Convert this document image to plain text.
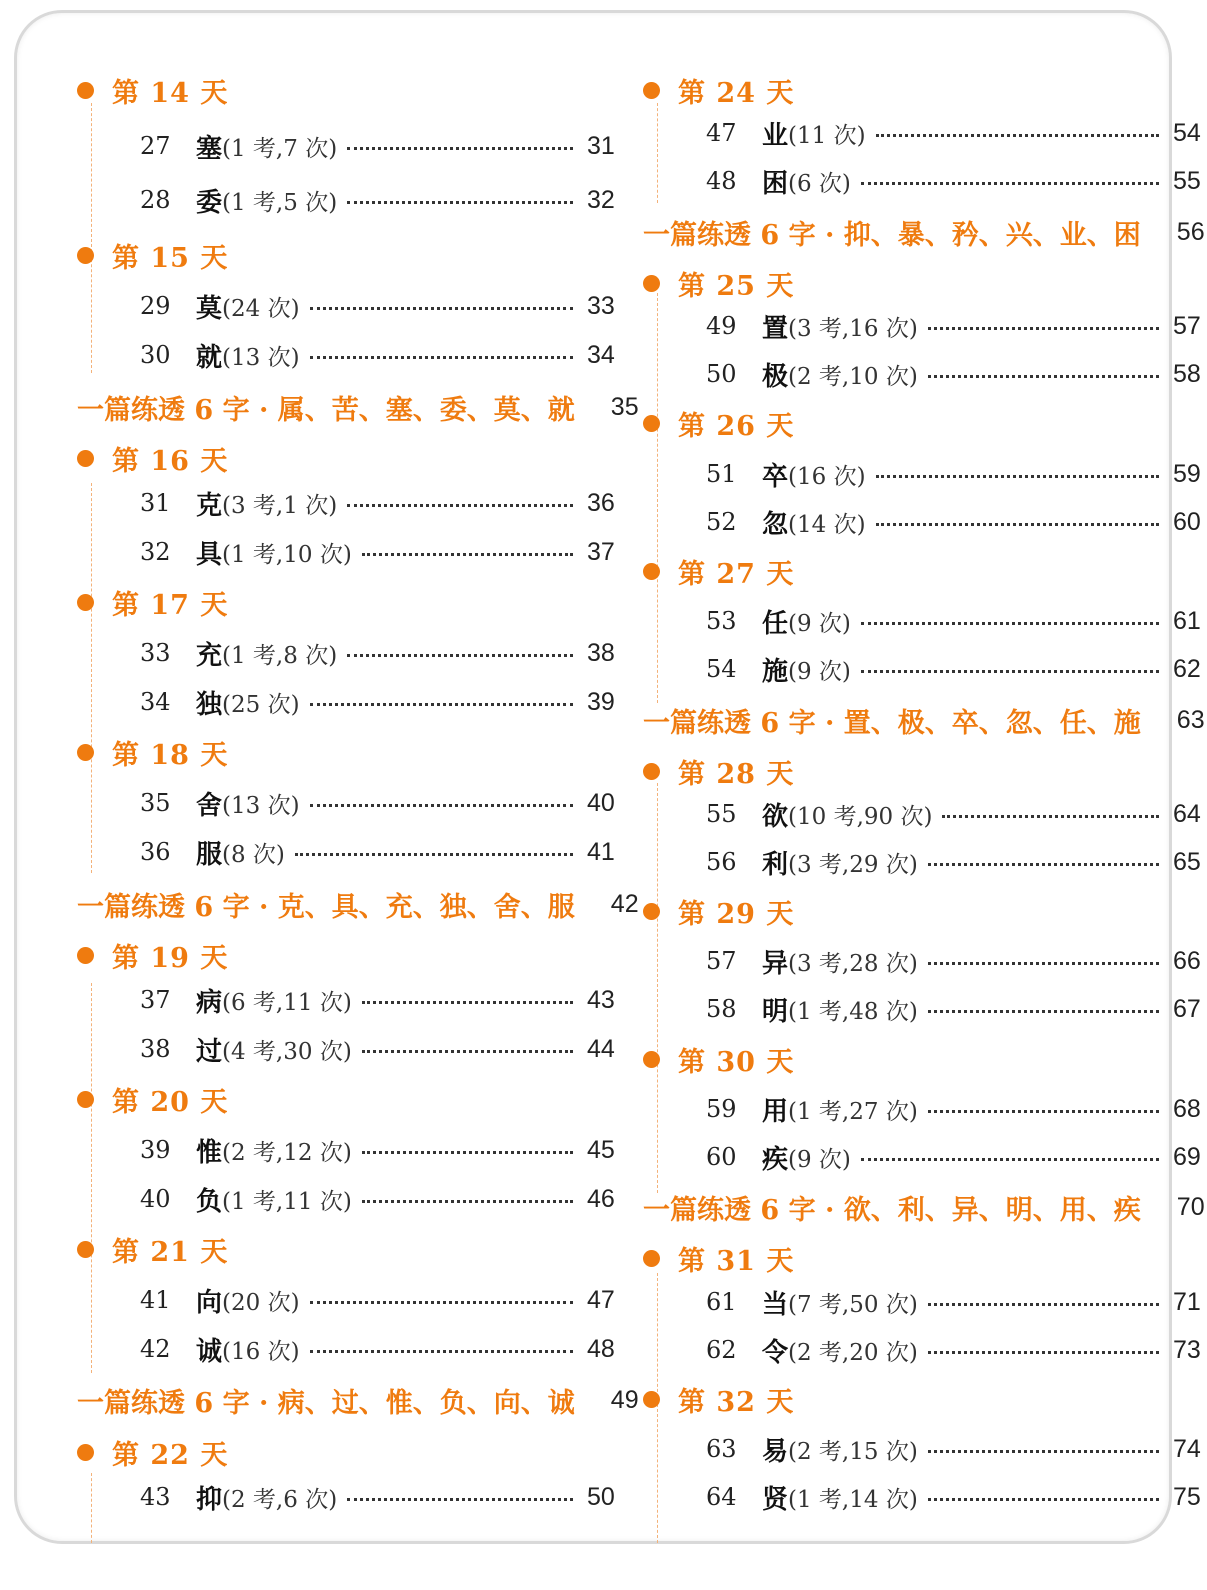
第 14 天
27 塞 (1 考,7 次)	31
28 委 (1 考,5 次)	32
第 15 天
29 莫 (24 次)	33
30 就 (13 次)	34
一篇练透 6 字 · 属、苦、塞、委、莫、就 35
第 16 天
31 克 (3 考,1 次)	36
32 具 (1 考,10 次)	37
第 17 天
33 充 (1 考,8 次)	38
34 独 (25 次)	39
第 18 天
35 舍 (13 次)	40
36 服 (8 次)	41
一篇练透 6 字 · 克、具、充、独、舍、服 42
第 19 天
37 病 (6 考,11 次)	43
38 过 (4 考,30 次)	44
第 20 天
39 惟 (2 考,12 次)	45
40 负 (1 考,11 次)	46
第 21 天
41 向 (20 次)	47
42 诚 (16 次)	48
一篇练透 6 字 · 病、过、惟、负、向、诚 49
第 22 天
43 抑 (2 考,6 次)	50
第 24 天
47 业 (11 次)	54
48 困 (6 次)	55
一篇练透 6 字 · 抑、暴、矜、兴、业、困 56
第 25 天
49 置 (3 考,16 次)	57
50 极 (2 考,10 次)	58
第 26 天
51 卒 (16 次)	59
52 忽 (14 次)	60
第 27 天
53 任 (9 次)	61
54 施 (9 次)	62
一篇练透 6 字 · 置、极、卒、忽、任、施 63
第 28 天
55 欲 (10 考,90 次)	64
56 利 (3 考,29 次)	65
第 29 天
57 异 (3 考,28 次)	66
58 明 (1 考,48 次)	67
第 30 天
59 用 (1 考,27 次)	68
60 疾 (9 次)	69
一篇练透 6 字 · 欲、利、异、明、用、疾 70
第 31 天
61 当 (7 考,50 次)	71
62 令 (2 考,20 次)	73
第 32 天
63 易 (2 考,15 次)	74
64 贤 (1 考,14 次)	75
